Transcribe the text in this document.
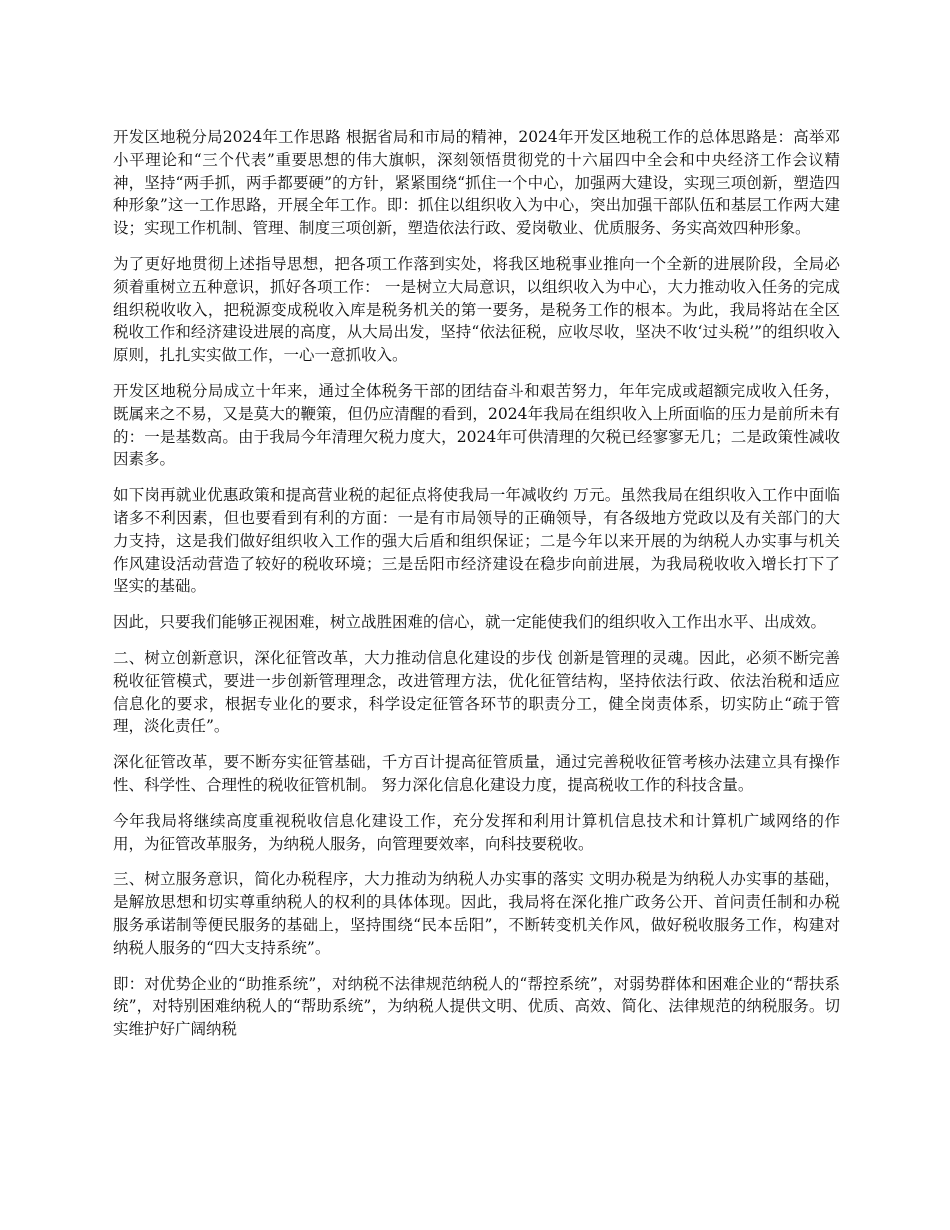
开发区地税分局2024年工作思路 根据省局和市局的精神，2024年开发区地税工作的总体思路是：高举邓小平理论和“三个代表”重要思想的伟大旗帜，深刻领悟贯彻党的十六届四中全会和中央经济工作会议精神，坚持“两手抓，两手都要硬”的方针，紧紧围绕“抓住一个中心，加强两大建设，实现三项创新，塑造四种形象”这一工作思路，开展全年工作。即：抓住以组织收入为中心，突出加强干部队伍和基层工作两大建设；实现工作机制、管理、制度三项创新，塑造依法行政、爱岗敬业、优质服务、务实高效四种形象。

为了更好地贯彻上述指导思想，把各项工作落到实处，将我区地税事业推向一个全新的进展阶段，全局必须着重树立五种意识，抓好各项工作： 一是树立大局意识，以组织收入为中心，大力推动收入任务的完成 组织税收收入，把税源变成税收入库是税务机关的第一要务，是税务工作的根本。为此，我局将站在全区税收工作和经济建设进展的高度，从大局出发，坚持“依法征税，应收尽收，坚决不收‘过头税’”的组织收入原则，扎扎实实做工作，一心一意抓收入。

开发区地税分局成立十年来，通过全体税务干部的团结奋斗和艰苦努力，年年完成或超额完成收入任务，既属来之不易，又是莫大的鞭策，但仍应清醒的看到，2024年我局在组织收入上所面临的压力是前所未有的：一是基数高。由于我局今年清理欠税力度大，2024年可供清理的欠税已经寥寥无几；二是政策性减收因素多。

如下岗再就业优惠政策和提高营业税的起征点将使我局一年减收约 万元。虽然我局在组织收入工作中面临诸多不利因素，但也要看到有利的方面：一是有市局领导的正确领导，有各级地方党政以及有关部门的大力支持，这是我们做好组织收入工作的强大后盾和组织保证；二是今年以来开展的为纳税人办实事与机关作风建设活动营造了较好的税收环境；三是岳阳市经济建设在稳步向前进展，为我局税收收入增长打下了坚实的基础。

因此，只要我们能够正视困难，树立战胜困难的信心，就一定能使我们的组织收入工作出水平、出成效。

二、树立创新意识，深化征管改革，大力推动信息化建设的步伐 创新是管理的灵魂。因此，必须不断完善税收征管模式，要进一步创新管理理念，改进管理方法，优化征管结构，坚持依法行政、依法治税和适应信息化的要求，根据专业化的要求，科学设定征管各环节的职责分工，健全岗责体系，切实防止“疏于管理，淡化责任”。

深化征管改革，要不断夯实征管基础，千方百计提高征管质量，通过完善税收征管考核办法建立具有操作性、科学性、合理性的税收征管机制。 努力深化信息化建设力度，提高税收工作的科技含量。

今年我局将继续高度重视税收信息化建设工作，充分发挥和利用计算机信息技术和计算机广域网络的作用，为征管改革服务，为纳税人服务，向管理要效率，向科技要税收。

三、树立服务意识，简化办税程序，大力推动为纳税人办实事的落实 文明办税是为纳税人办实事的基础，是解放思想和切实尊重纳税人的权利的具体体现。因此，我局将在深化推广政务公开、首问责任制和办税服务承诺制等便民服务的基础上，坚持围绕“民本岳阳”，不断转变机关作风，做好税收服务工作，构建对纳税人服务的“四大支持系统”。

即：对优势企业的“助推系统”，对纳税不法律规范纳税人的“帮控系统”，对弱势群体和困难企业的“帮扶系统”，对特别困难纳税人的“帮助系统”，为纳税人提供文明、优质、高效、简化、法律规范的纳税服务。切实维护好广阔纳税
